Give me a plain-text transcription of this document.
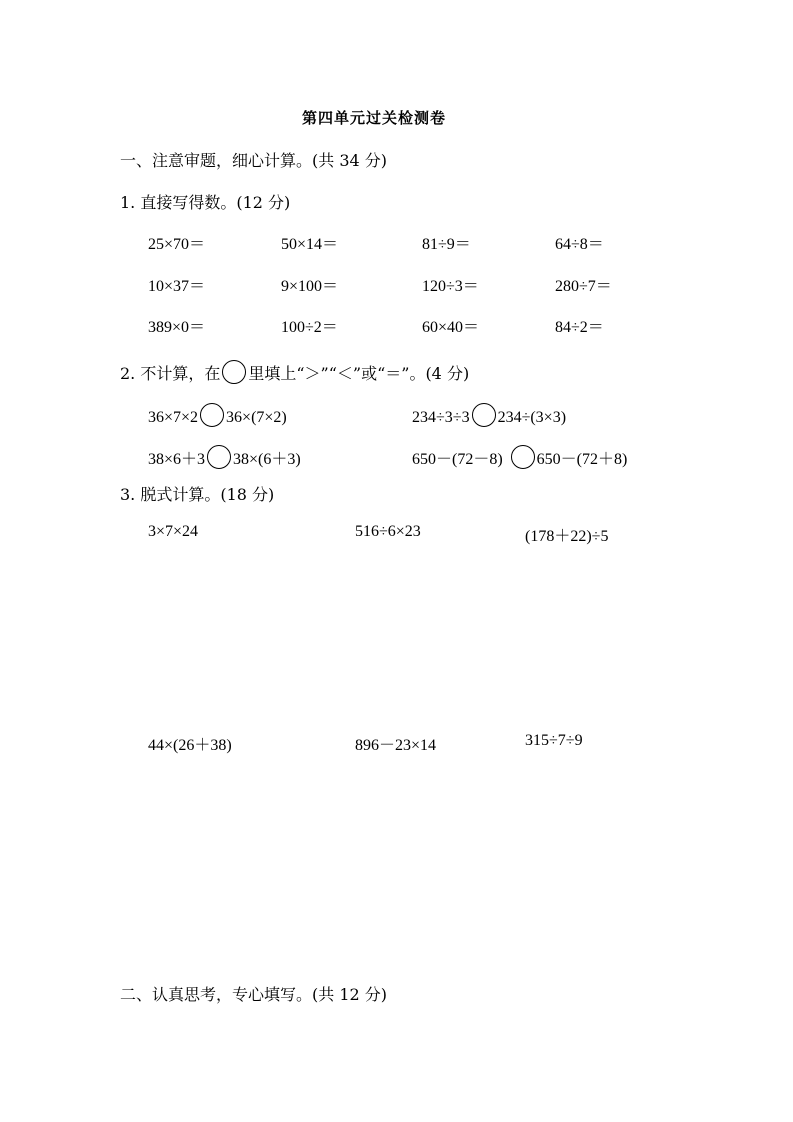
第四单元过关检测卷
一、注意审题，细心计算。(共 34 分)
1. 直接写得数。(12 分)
25×70＝	50×14＝	81÷9＝	64÷8＝
10×37＝	9×100＝	120÷3＝	280÷7＝
389×0＝	100÷2＝	60×40＝	84÷2＝
2. 不计算，在 里填上“＞”“＜”或“＝”。(4 分)
36×7×2 36×(7×2)	234÷3÷3 234÷(3×3)
38×6＋3 38×(6＋3)	650－(72－8) 650－(72＋8)
3. 脱式计算。(18 分)
3×7×24	516÷6×23	(178＋22)÷5
44×(26＋38)	896－23×14	315÷7÷9
二、认真思考，专心填写。(共 12 分)
